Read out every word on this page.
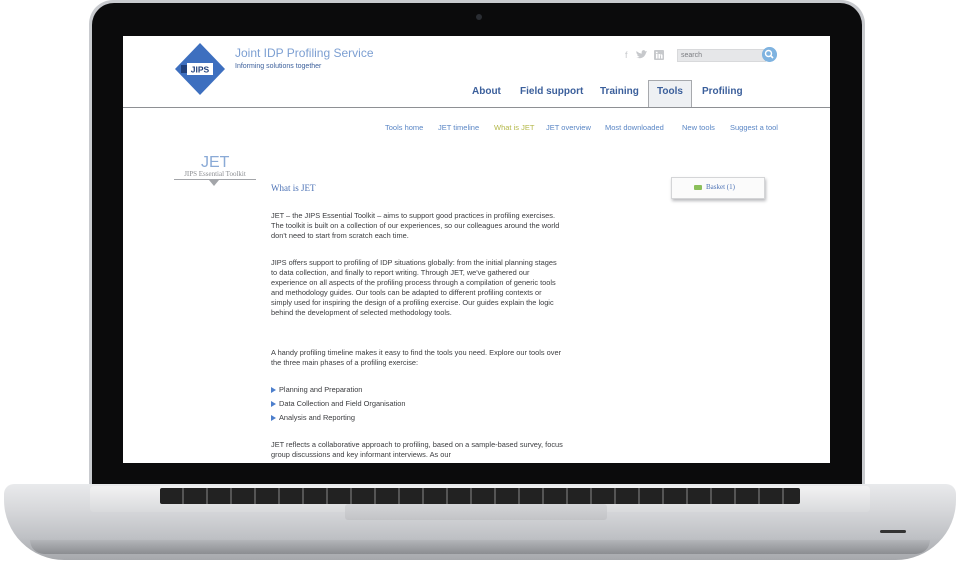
JIPS
Joint IDP Profiling Service
Informing solutions together
f	search
About Field support Training Tools Profiling
Tools home JET timeline What is JET JET overview Most downloaded New tools Suggest a tool
JET
JIPS Essential Toolkit
What is JET	Basket (1)
JET – the JIPS Essential Toolkit – aims to support good practices in profiling exercises. The toolkit is built on a collection of our experiences, so our colleagues around the world don't need to start from scratch each time.
JIPS offers support to profiling of IDP situations globally: from the initial planning stages to data collection, and finally to report writing. Through JET, we've gathered our experience on all aspects of the profiling process through a compilation of generic tools and methodology guides. Our tools can be adapted to different profiling contexts or simply used for inspiring the design of a profiling exercise. Our guides explain the logic behind the development of selected methodology tools.
A handy profiling timeline makes it easy to find the tools you need. Explore our tools over the three main phases of a profiling exercise:
Planning and Preparation
Data Collection and Field Organisation
Analysis and Reporting
JET reflects a collaborative approach to profiling, based on a sample-based survey, focus group discussions and key informant interviews. As our
